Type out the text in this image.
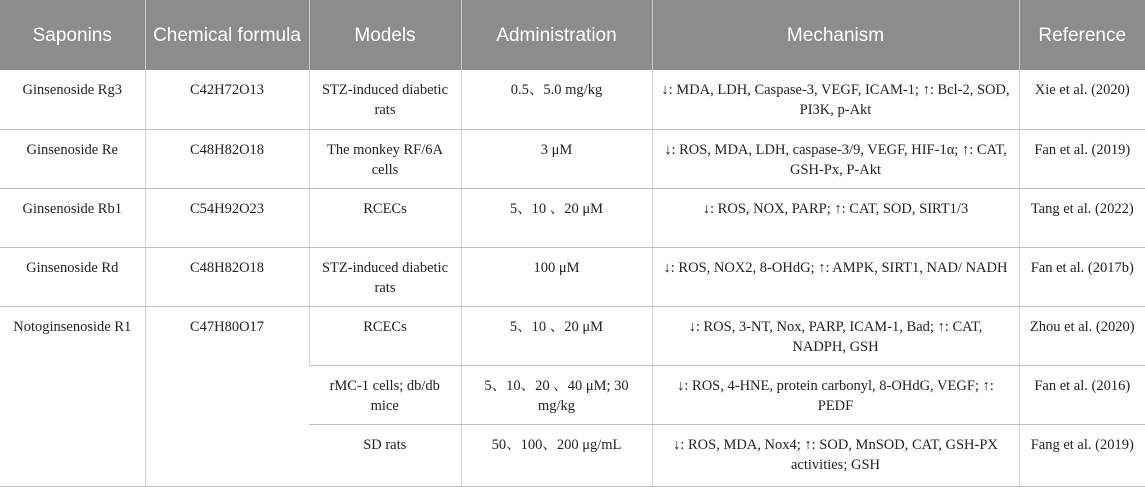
Saponins	Chemical formula	Models	Administration	Mechanism	Reference
Ginsenoside Rg3	C42H72O13	STZ-induced diabetic rats	0.5、5.0 mg/kg	↓: MDA, LDH, Caspase-3, VEGF, ICAM-1; ↑: Bcl-2, SOD, PI3K, p-Akt	Xie et al. (2020)
Ginsenoside Re	C48H82O18	The monkey RF/6A cells	3 μM	↓: ROS, MDA, LDH, caspase-3/9, VEGF, HIF-1α; ↑: CAT, GSH-Px, P-Akt	Fan et al. (2019)
Ginsenoside Rb1	C54H92O23	RCECs	5、10 、20 μM	↓: ROS, NOX, PARP; ↑: CAT, SOD, SIRT1/3	Tang et al. (2022)
Ginsenoside Rd	C48H82O18	STZ-induced diabetic rats	100 μM	↓: ROS, NOX2, 8-OHdG; ↑: AMPK, SIRT1, NAD/ NADH	Fan et al. (2017b)
Notoginsenoside R1	C47H80O17	RCECs	5、10 、20 μM	↓: ROS, 3-NT, Nox, PARP, ICAM-1, Bad; ↑: CAT, NADPH, GSH	Zhou et al. (2020)
		rMC-1 cells; db/db mice	5、10、20 、40 μM; 30 mg/kg	↓: ROS, 4-HNE, protein carbonyl, 8-OHdG, VEGF; ↑: PEDF	Fan et al. (2016)
		SD rats	50、100、200 μg/mL	↓: ROS, MDA, Nox4; ↑: SOD, MnSOD, CAT, GSH-PX activities; GSH	Fang et al. (2019)
